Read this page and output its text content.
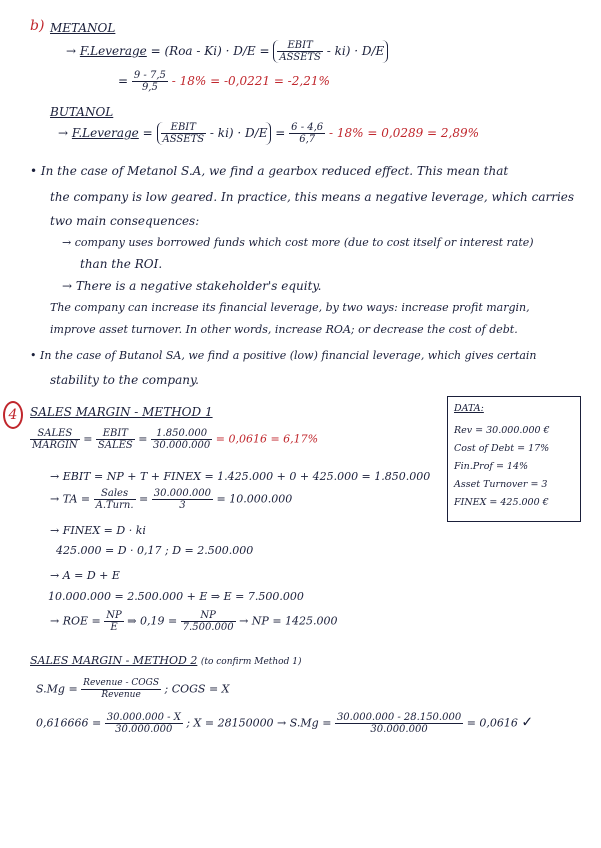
b) METANOL
→ F.Leverage = $(Roa - Ki) \cdot D/E = \frac{\text{EBIT}}{\text{ASSETS}} - ki) \cdot D/E$
= $\frac{9 - 7,5}{9,5} - 18\% = -0,0221 = -2,21\%$
BUTANOL
→ F.Leverage = $\frac{\text{EBIT}}{\text{ASSETS}} - ki) \cdot D/E = \frac{6 - 4,6}{6,7} - 18\% = 0,0289 = 2,89\%$
• In the case of Metanol S.A, we find a gearbox reduced effect. This mean that
the company is low geared. In practice, this means a negative leverage, which carries
two main consequences:
→ company uses borrowed funds which cost more (due to cost itself or interest rate)
than the ROI.
→ There is a negative stakeholder's equity.
The company can increase its financial leverage, by two ways: increase profit margin,
improve asset turnover. In other words, increase ROA; or decrease the cost of debt.
• In the case of Butanol SA, we find a positive (low) financial leverage, which gives certain
stability to the company.
4	SALES MARGIN - METHOD 1
$\frac{\text{SALES}}{\text{MARGIN}} = \frac{\text{EBIT}}{\text{SALES}} = \frac{1.850.000}{30.000.000} = 0,0616 = 6,17\%$
→ EBIT = NP + T + FINEX = 1.425.000 + 0 + 425.000 = 1.850.000
→ TA = $\frac{\text{Sales}}{\text{A.Turn.}} = \frac{30.000.000}{3} = 10.000.000$
→ FINEX = D · ki
425.000 = D · 0,17 ; D = 2.500.000
→ A = D + E
10.000.000 = 2.500.000 + E ⇒ E = 7.500.000
→ ROE = $\frac{NP}{E}$ ⇒ $0,19 = \frac{NP}{7.500.000}$ → NP = 1425.000
SALES MARGIN - METHOD 2 (to confirm Method 1)
$S.Mg = \frac{\text{Revenue - COGS}}{\text{Revenue}}$ ; COGS = X
$0,616666 = \frac{30.000.000 - X}{30.000.000}$ ; $X = 28150000 \to S.Mg = \frac{30.000.000 - 28.150.000}{30.000.000} = 0,0616$ ✓
DATA:
Rev = 30.000.000 €
Cost of Debt = 17%
Fin.Prof = 14%
Asset Turnover = 3
FINEX = 425.000 €
